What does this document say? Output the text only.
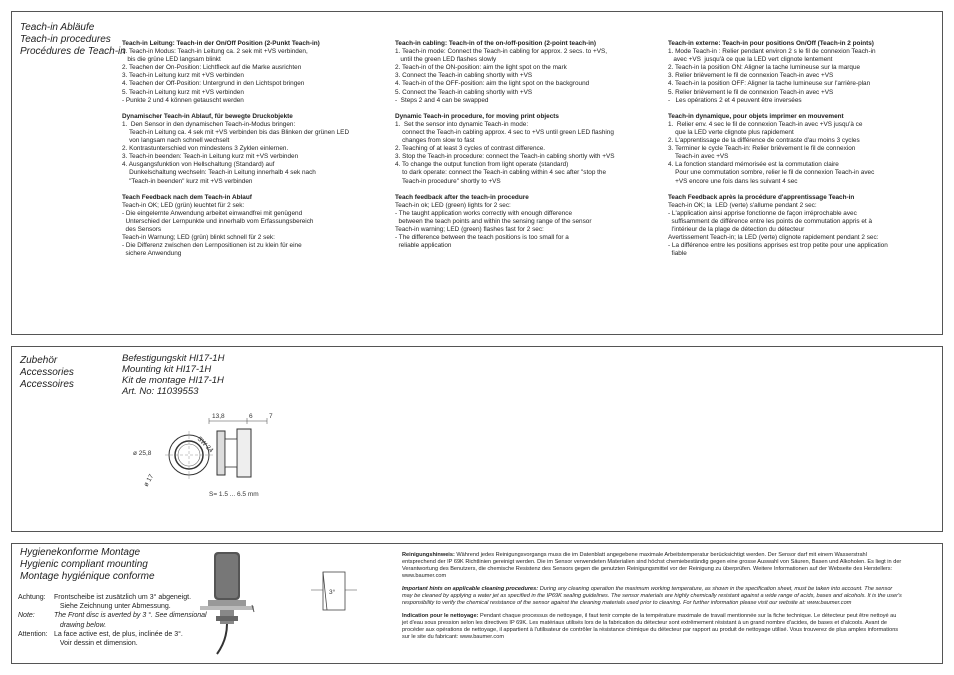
Teach-in Abläufe
Teach-in procedures
Procédures de Teach-in
Teach-in Leitung: Teach-in der On/Off Position (2-Punkt Teach-in)
1. Teach-in Modus: Teach-in Leitung ca. 2 sek mit +VS verbinden,
bis die grüne LED langsam blinkt
2. Teachen der On-Position: Lichtfleck auf die Marke ausrichten
3. Teach-in Leitung kurz mit +VS verbinden
4. Teachen der Off-Position: Untergrund in den Lichtspot bringen
5. Teach-in Leitung kurz mit +VS verbinden
- Punkte 2 und 4 können getauscht werden
Dynamischer Teach-in Ablauf, für bewegte Druckobjekte
1.  Den Sensor in den dynamischen Teach-in-Modus bringen:
Teach-in Leitung ca. 4 sek mit +VS verbinden bis das Blinken der grünen LED
von langsam nach schnell wechselt
2. Kontrastunterschied von mindestens 3 Zyklen einlernen.
3. Teach-in beenden: Teach-in Leitung kurz mit +VS verbinden
4. Ausgangsfunktion von Hellschaltung (Standard) auf
Dunkelschaltung wechseln: Teach-in Leitung innerhalb 4 sek nach
"Teach-in beenden" kurz mit +VS verbinden
Teach Feedback nach dem Teach-in Ablauf
Teach-in OK; LED (grün) leuchtet für 2 sek:
- Die eingelernte Anwendung arbeitet einwandfrei mit genügend
Unterschied der Lernpunkte und innerhalb vom Erfassungsbereich
des Sensors
Teach-in Warnung; LED (grün) blinkt schnell für 2 sek:
- Die Differenz zwischen den Lernpositionen ist zu klein für eine
sichere Anwendung
Teach-in cabling: Teach-in of the on-/off-position (2-point teach-in)
1. Teach-in mode: Connect the Teach-in cabling for approx. 2 secs. to +VS,
until the green LED flashes slowly
2. Teach-in of the ON-position: aim the light spot on the mark
3. Connect the Teach-in cabling shortly with +VS
4. Teach-in of the OFF-position: aim the light spot on the background
5. Connect the Teach-in cabling shortly with +VS
-  Steps 2 and 4 can be swapped
Dynamic Teach-in procedure, for moving print objects
1.  Set the sensor into dynamic Teach-in mode:
connect the Teach-in cabling approx. 4 sec to +VS until green LED flashing
changes from slow to fast
2. Teaching of at least 3 cycles of contrast difference.
3. Stop the Teach-in procedure: connect the Teach-in cabling shortly with +VS
4. To change the output function from light operate (standard)
to dark operate: connect the Teach-in cabling within 4 sec after "stop the
Teach-in procedure" shortly to +VS
Teach feedback after the teach-in procedure
Teach-in ok; LED (green) lights for 2 sec:
- The taught application works correctly with enough difference
between the teach points and within the sensing range of the sensor
Teach-in warning; LED (green) flashes fast for 2 sec:
- The difference between the teach positions is too small for a
reliable application
Teach-in externe: Teach-in pour positions On/Off (Teach-in 2 points)
1. Mode Teach-in : Relier pendant environ 2 s le fil de connexion Teach-in
avec +VS  jusqu'à ce que la LED vert clignote lentement
2. Teach-in la position ON: Aligner la tache lumineuse sur la marque
3. Relier brièvement le fil de connexion Teach-in avec +VS
4. Teach-in la position OFF: Aligner la tache lumineuse sur l'arrière-plan
5. Relier brièvement le fil de connexion Teach-in avec +VS
-   Les opérations 2 et 4 peuvent être inversées
Teach-in dynamique, pour objets imprimer en mouvement
1.  Relier env. 4 sec le fil de connexion Teach-in avec +VS jusqu'à ce
que la LED verte clignote plus rapidement
2. L'apprentissage de la différence de contraste d'au moins 3 cycles
3. Terminer le cycle Teach-in: Relier brièvement le fil de connexion
Teach-in avec +VS
4. La fonction standard mémorisée est la commutation claire
Pour une commutation sombre, relier le fil de connexion Teach-in avec
+VS encore une fois dans les suivant 4 sec
Teach Feedback après la procédure d'apprentissage Teach-in
Teach-in OK; la  LED (verte) s'allume pendant 2 sec:
- L'application ainsi apprise fonctionne de façon irréprochable avec
suffisamment de différence entre les points de commutation appris et à
l'intérieur de la plage de détection du détecteur
Avertissement Teach-in; la LED (verte) clignote rapidement pendant 2 sec:
- La différence entre les positions apprises est trop petite pour une application
fiable
Zubehör
Accessories
Accessoires
Befestigungskit HI17-1H
Mounting kit HI17-1H
Kit de montage HI17-1H
Art. No: 11039553
13,8	6	7
ø 25,8	SW 24
ø 17
S= 1.5 ... 6.5 mm
Hygienekonforme Montage
Hygienic compliant mounting
Montage hygiénique conforme
Achtung:	Frontscheibe ist zusätzlich um 3° abgeneigt.
Siehe Zeichnung unter Abmessung.
Note:	The Front disc is averted by 3 °. See dimensional
drawing below.
Attention: La face active est, de plus, inclinée de 3°.
Voir dessin et dimension.
3°

Reinigungshinweis: Während jedes Reinigungsvorgangs muss die im Datenblatt angegebene maximale Arbeitstemperatur berücksichtigt werden. Der Sensor darf mit einem Wasserstrahl entsprechend der IP 69K Richtlinien gereinigt werden. Die im Sensor verwendeten Materialien sind höchst chemiebeständig gegen eine grosse Auswahl von Säuren, Basen und Alkoholen. Es liegt in der Verantwortung des Benutzers, die chemische Resistenz des Sensors gegen die genutzten Reinigungsmittel vor der Reinigung zu überprüfen. Weitere Informationen auf der Webseite des Herstellers: www.baumer.com

Important hints on applicable cleaning procedures: During any cleaning operation the maximum working temperature, as shown in the specification sheet, must be taken into account. The sensor may be cleaned by applying a water jet as specified in the IP69K sealing guidelines. The sensor materials are highly chemically resistant against a wide range of acids, bases and alcohols. It is the user's responsibility to verify the chemical resistance of the sensor against the cleaning materials used prior to cleaning. For further information please visit our website at: www.baumer.com

Indication pour le nettoyage: Pendant chaque processus de nettoyage, il faut tenir compte de la température maximale de travail mentionnée sur la fiche technique. Le détecteur peut être nettoyé au jet d'eau sous pression selon les directives IP 69K. Les matériaux utilisés lors de la fabrication du détecteur sont extrêmement résistant à un grand nombre d'acides, de bases et d'alcools. Avant de procéder aux opérations de nettoyage, il appartient à l'utilisateur de contrôler la résistance chimique du détecteur par rapport au produit de nettoyage utilisé. Vous trouverez de plus amples informations sur le site du fabricant: www.baumer.com
